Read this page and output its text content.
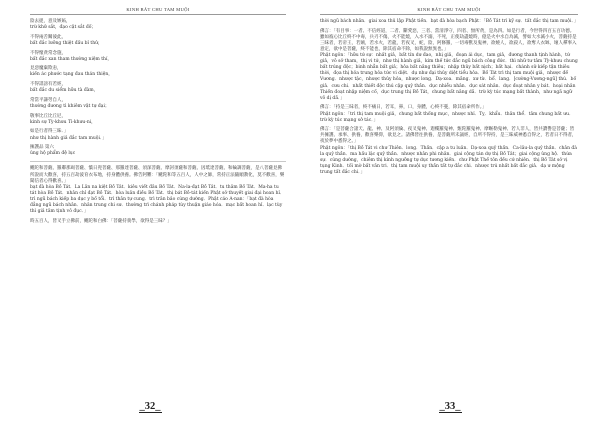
KINH BÁT CHU TAM MUỘI

陰去捉，意及嫉妬，

trừ khử sắt，đạo cật sắt đố；

不得兩舌關彼此，

bất đắc lưỡng thiệt đấu bỉ thử，

不得懷貪常念施，

bất đắc xan tham thường niệm thí，

見惡魔棄欺恚，

kiến ác phước tạng đau thán thiện，

不得誹謗有若經，

bất đắc du siểm hữu tà đàm，

常當平謙勞自人，

thường đương tì khiêm vật tự đại；

敬事比丘比丘尼，

kinh sự Tỳ-khưu Tì-khưu-ni，

如是行者得三昧．」

như thị hành giả đắc tam muội．」

擁護品 第六

ủng hộ phẩm đệ lục

颰陀和菩薩、羅鄰那竭菩薩、憍日兜菩薩、那羅達菩薩、須深菩薩、摩訶須薩和菩薩、因坻達菩薩、和輪調菩薩，是八菩薩見佛所說而大歡喜，持五百劫波育衣布地，持身體供養。佛告阿難：「颰陀和等五百人，人中之師，常持正法隨順教化，莫不歡喜，樂聞信者心得歡喜。」

bạt đà hòa Bồ Tát．La Lân na kiệt Bồ Tát．kiêu viết đâu Bồ Tát．Na-la-đạt Bồ Tát．tu thâm Bồ Tát．Ma-ha tu tát hòa Bồ Tát．nhân chỉ đạt Bồ Tát．hòa luân điều Bồ Tát．thị bát Bồ-tát kiến Phật sở thuyết giai đại hoan hỉ．trì ngũ bách kiếp ba dục y bố tổi．trì thân tự cung．trì trân bảo cúng dường．Phật cáo A-nan：「bạt đà hòa đẳng ngũ bách nhân．nhân trung chi sư．thường trì chánh pháp tùy thuận giáo hóa．mạc bất hoan hỉ．lạc tùy thì giả tâm tịnh vô đục．」

時五百人，皆叉手立佛前，颰陀和白佛：「菩薩持義學，欲得是三昧？」

_32_
KINH BÁT CHU TAM MUỘI

thời ngũ bách nhân．giai xoa thủ lập Phật tiền．bạt đà hòa bạch Phật：「Bồ Tát trì kỹ sự．tất đắc thị tam muội．」

佛言：「有目事：一者、不信經道，二者、斷愛惡，三者、當清淨守，四者、無所貪，是為四。如是行者，今世得四百五百功德。雖如彼心比丘終不中毒，兵刃不傷，火不能燒，入水不溺，不死，正使劫盡燒時，億是火中水自為滅，譬如大水滅小火，菩薩持是三昧者，若帝王，若賊，若水火，若龍，若夜叉，蛇，陰，阿修羅，一切毒獸及鬼神，欲嬈人，欲殺人，欲奪人衣缽，壞人禪事入意定，欲中是菩薩，終不能也，除其宿命不除，如我說無異也。」

Phật ngôn：「hữu tứ sự：nhất giả，bất tín dư đao，nhị giả，đoạn ái dục，tam giả，đương thanh tịnh hành，tứ giả，vô sở tham，thị vi tứ，như thị hành giả，kim thế tức đắc ngũ bách công đức．thì nhữ tư tâm Tỳ-khưu chung bất trúng độc；binh nhẫn bất giả；hỏa bất năng thiêu；nhập thủy bất nịch；bất hại．chánh sử kiếp tận thiêu thời，đọa thị hỏa trung hỏa tức vi diệt．dụ như đại thủy diệt tiểu hỏa．Bồ Tát trì thị tam muội giả，nhược đế Vương．nhược tặc，nhược thủy hỏa，nhược long．Dạ-xoa．mãng．xư từ．bổ．lang．[cường-Vương-ngũ] thú．bố giả．cưu chi．nhất thiết độc thú cập quỷ thần．dục nhiễu nhân．dục sát nhân．dục đoạt nhân y bát．hoại nhân Thiền đoạt nhập niệm cố，dục trung thị Bồ Tát，chung bất năng dã．trừ kỳ túc mạng bất thành，như ngã ngữ vô dị dã．」

佛言：「持是三昧者，終不痛日，若耳，鼻，口，身體，心終不憂，除其宿命所作。」

Phật ngôn：「trì thị tam muội giả，chung bất thống mục，nhược nhĩ．Tỵ．khẩu．thân thể．tâm chung bất ưu．trừ kỳ túc mạng sở tác．」

佛言：「是菩薩合諸天、龍、神、及阿須倫、夜叉鬼神、迦樓羅鬼神、甄陀羅鬼神、摩睺勒鬼神、若人非人，皆共讚譽是菩薩；皆共擁護、承事、供養，歡喜樂仰，欲見之。諸佛皆往供養，是菩薩所未誦經，自所不得持，是三昧威神悉自得之，若者日不得者，夜於夢中悉得之。」

Phật ngôn：「thị Bồ Tát vi chư Thiên．long．Thần．cập a tu luân．Dạ-xoa quỷ thần．Ca-lâu-la quỷ thần．chân đà la quỷ thần．ma hầu lặc quỷ thần．nhược nhân phi nhân．giai cộng tán dự thị Bồ Tát；giai cộng ủng hộ．thừa sự．cúng dường，chiêm thị kính ngưỡng tự dục tương kiến．chư Phật Thế tôn đều cứ nhiên．thị Bồ Tát sở vị tụng Kinh．tối mờ bất văn tri．thị tam muội uy thần tất tự đắc chi．nhược trú nhất bất đắc giả．dạ ư mộng trung tất đắc chi．」

_33_
